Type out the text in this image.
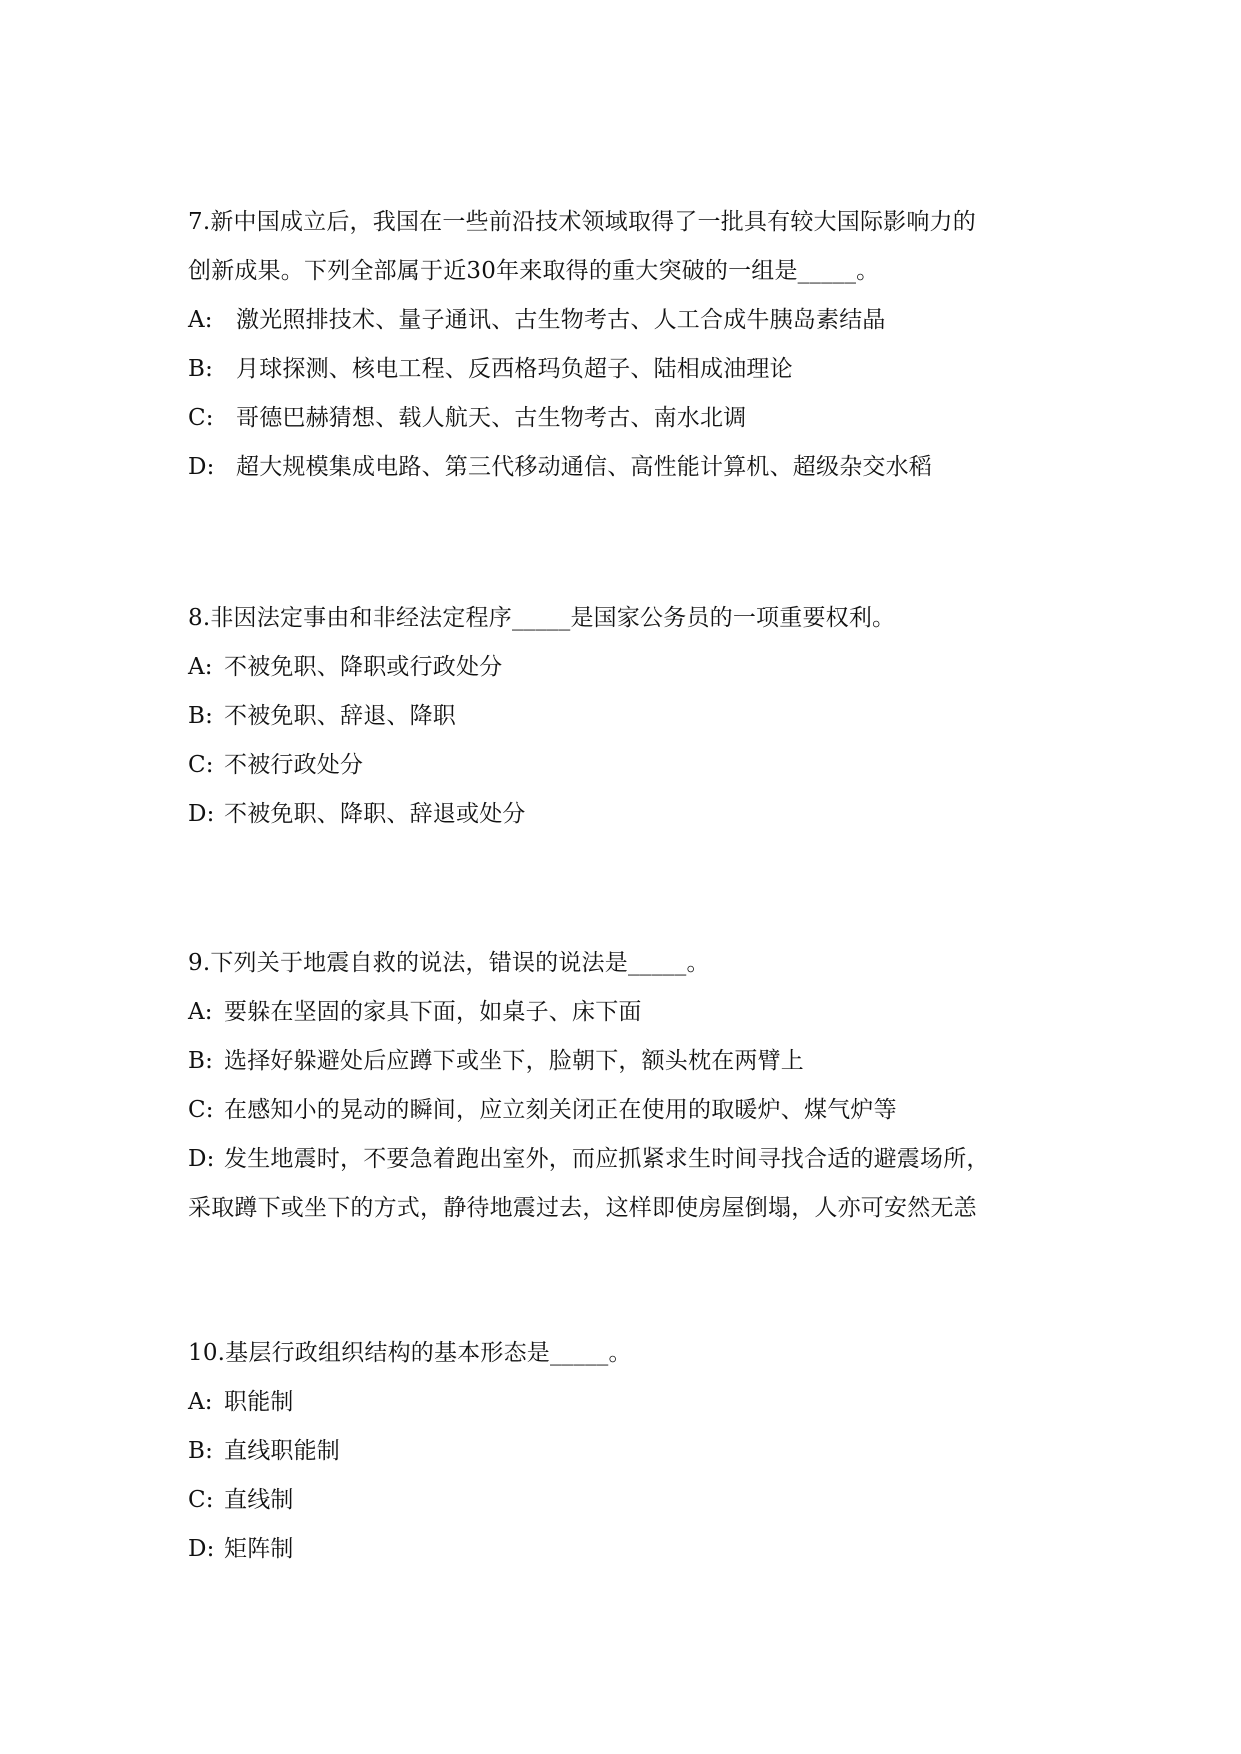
7.新中国成立后，我国在一些前沿技术领域取得了一批具有较大国际影响力的
创新成果。下列全部属于近30年来取得的重大突破的一组是_____。
A: 激光照排技术、量子通讯、古生物考古、人工合成牛胰岛素结晶
B: 月球探测、核电工程、反西格玛负超子、陆相成油理论
C: 哥德巴赫猜想、载人航天、古生物考古、南水北调
D: 超大规模集成电路、第三代移动通信、高性能计算机、超级杂交水稻
8.非因法定事由和非经法定程序_____是国家公务员的一项重要权利。
A: 不被免职、降职或行政处分
B: 不被免职、辞退、降职
C: 不被行政处分
D: 不被免职、降职、辞退或处分
9.下列关于地震自救的说法，错误的说法是_____。
A: 要躲在坚固的家具下面，如桌子、床下面
B: 选择好躲避处后应蹲下或坐下，脸朝下，额头枕在两臂上
C: 在感知小的晃动的瞬间，应立刻关闭正在使用的取暖炉、煤气炉等
D: 发生地震时，不要急着跑出室外，而应抓紧求生时间寻找合适的避震场所，
采取蹲下或坐下的方式，静待地震过去，这样即使房屋倒塌，人亦可安然无恙
10.基层行政组织结构的基本形态是_____。
A: 职能制
B: 直线职能制
C: 直线制
D: 矩阵制
